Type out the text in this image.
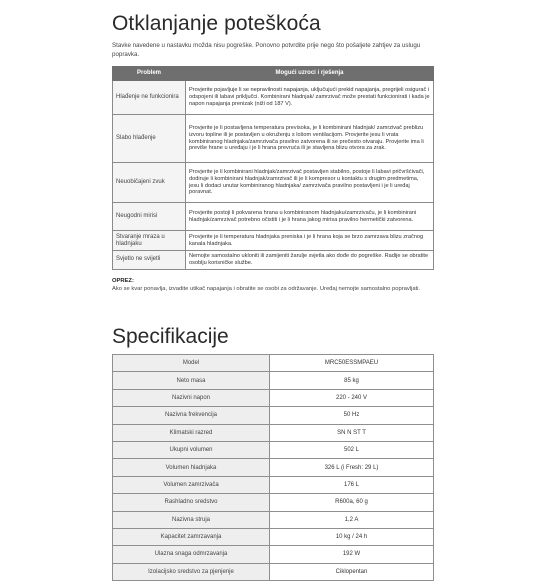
Otklanjanje poteškoća
Stavke navedene u nastavku možda nisu pogreške. Ponovno potvrdite prije nego što pošaljete zahtjev za uslugu popravka.
Problem	Mogući uzroci i rješenja
Hlađenje ne funkcionira	Provjerite pojavljuje li se nepravilnosti napajanja, uključujući prekid napajanja, pregrijeli osigurač i odspojeni ili labavi priključci. Kombinirani hladnjak/ zamrzivač može prestati funkcionirati i kada je napon napajanja prenizak (niži od 187 V).
Slabo hlađenje	Provjerite je li postavljena temperatura previsoka, je li kombinirani hladnjak/ zamrzivač preblizu izvoru topline ili je postavljen u okruženju s lošom ventilacijom. Provjerite jesu li vrata kombiniranog hladnjaka/zamrzivača pravilno zatvorena ili se prečesto otvaraju. Provjerite ima li previše hrane u uređaju i je li hrana prevruća ili je stavljena blizu otvora za zrak.
Neuobičajeni zvuk	Provjerite je li kombinirani hladnjak/zamrzivač postavljen stabilno, postoje li labavi pričvršćivači, dodiruje li kombinirani hladnjak/zamrzivač ili je li kompresor u kontaktu s drugim predmetima, jesu li dodaci unutar kombiniranog hladnjaka/ zamrzivača pravilno postavljeni i je li uređaj poravnat.
Neugodni mirisi	Provjerite postoji li pokvarena hrana u kombiniranom hladnjaku/zamrzivaču, je li kombinirani hladnjak/zamrzivač potrebno očistiti i je li hrana jakog mirisa pravilno hermetički zatvorena.
Stvaranje mraza u hladnjaku	Provjerite je li temperatura hladnjaka preniska i je li hrana koja se brzo zamrzava blizu zračnog kanala hladnjaka.
Svjetlo ne svijetli	Nemojte samostalno ukloniti ili zamijeniti žarulje svjetla ako dođe do pogreške. Radije se obratite osoblju korisničke službe.
OPREZ:
Ako se kvar ponavlja, izvadite utikač napajanja i obratite se osobi za održavanje. Uređaj nemojte samostalno popravljati.
Specifikacije
Model	MRC50ESSMPAEU
Neto masa	85 kg
Nazivni napon	220 - 240 V
Nazivna frekvencija	50 Hz
Klimatski razred	SN N ST T
Ukupni volumen	502 L
Volumen hladnjaka	326 L (i Fresh: 29 L)
Volumen zamrzivača	176 L
Rashladno sredstvo	R600a, 60 g
Nazivna struja	1,2 A
Kapacitet zamrzavanja	10 kg / 24 h
Ulazna snaga odmrzavanja	192 W
Izolacijsko sredstvo za pjenjenje	Ciklopentan
